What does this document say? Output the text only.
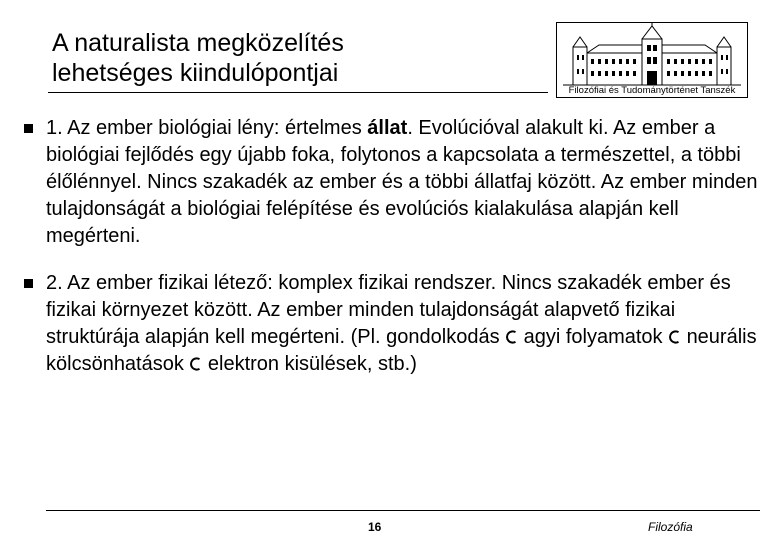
A naturalista megközelítés
lehetséges kiindulópontjai
Filozófiai és Tudománytörténet Tanszék
1. Az ember biológiai lény: értelmes állat. Evolúcióval alakult ki. Az ember a biológiai fejlődés egy újabb foka, folytonos a kapcsolata a természettel, a többi élőlénnyel. Nincs szakadék az ember és a többi állatfaj között. Az ember minden tulajdonságát a biológiai felépítése és evolúciós kialakulása alapján kell megérteni.
2. Az ember fizikai létező: komplex fizikai rendszer. Nincs szakadék ember és fizikai környezet között. Az ember minden tulajdonságát alapvető fizikai struktúrája alapján kell megérteni. (Pl. gondolkodás agyi folyamatok neurális kölcsönhatások elektron kisülések, stb.)
16	Filozófia
